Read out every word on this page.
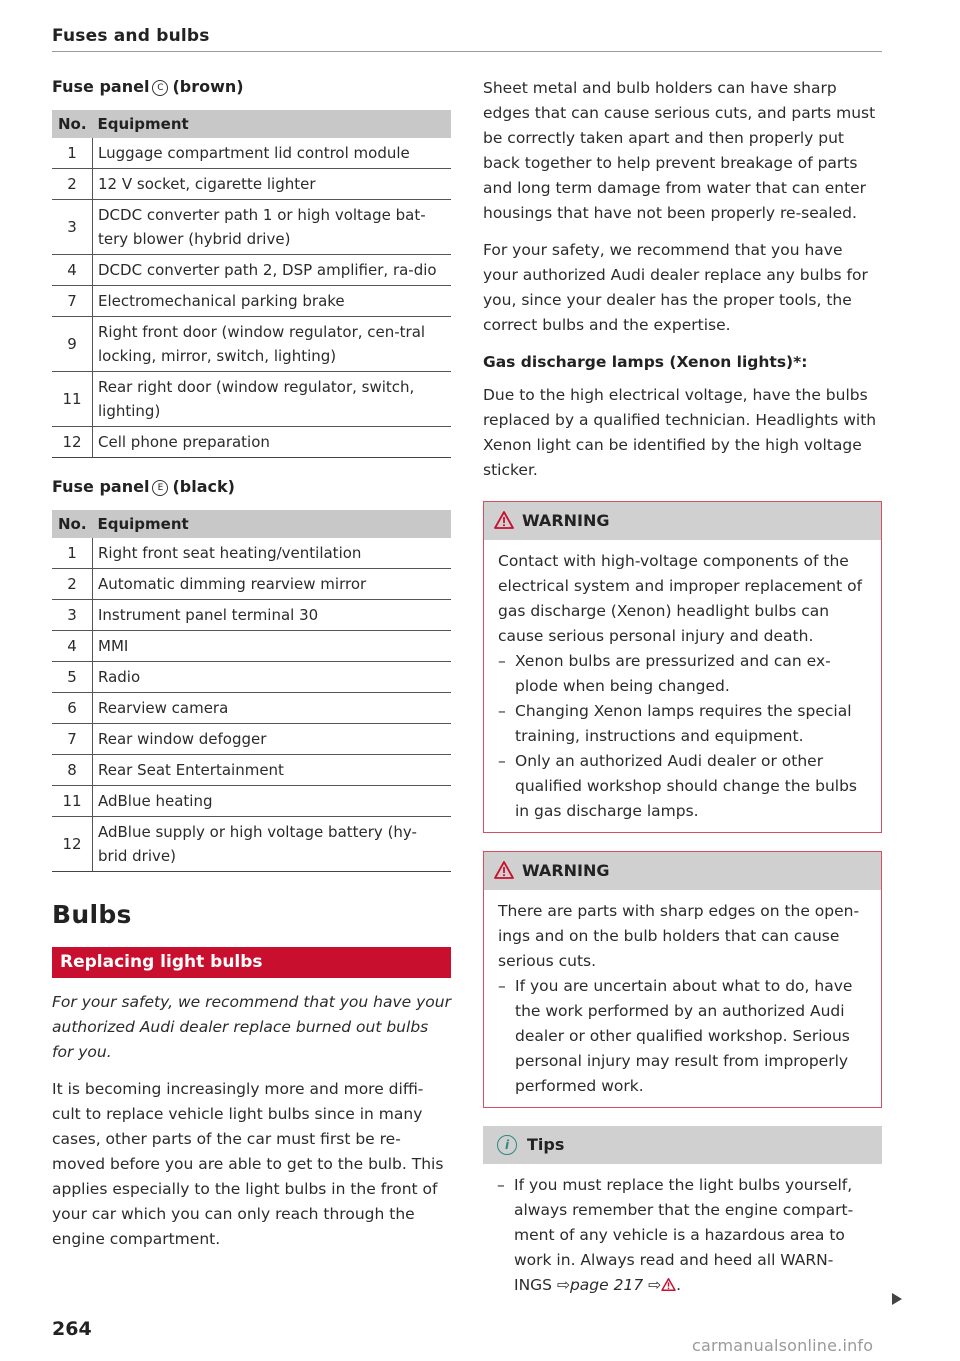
Fuses and bulbs
Fuse panel C (brown)
No.	Equipment
1	Luggage compartment lid control module
2	12 V socket, cigarette lighter
3	DCDC converter path 1 or high voltage bat-tery blower (hybrid drive)
4	DCDC converter path 2, DSP amplifier, ra-dio
7	Electromechanical parking brake
9	Right front door (window regulator, cen-tral locking, mirror, switch, lighting)
11	Rear right door (window regulator, switch, lighting)
12	Cell phone preparation
Fuse panel E (black)
No.	Equipment
1	Right front seat heating/ventilation
2	Automatic dimming rearview mirror
3	Instrument panel terminal 30
4	MMI
5	Radio
6	Rearview camera
7	Rear window defogger
8	Rear Seat Entertainment
11	AdBlue heating
12	AdBlue supply or high voltage battery (hy-brid drive)
Bulbs
Replacing light bulbs

For your safety, we recommend that you have your authorized Audi dealer replace burned out bulbs for you.

It is becoming increasingly more and more diffi-cult to replace vehicle light bulbs since in many cases, other parts of the car must first be re-moved before you are able to get to the bulb. This applies especially to the light bulbs in the front of your car which you can only reach through the engine compartment.

Sheet metal and bulb holders can have sharp edges that can cause serious cuts, and parts must be correctly taken apart and then properly put back together to help prevent breakage of parts and long term damage from water that can enter housings that have not been properly re-sealed.

For your safety, we recommend that you have your authorized Audi dealer replace any bulbs for you, since your dealer has the proper tools, the correct bulbs and the expertise.

Gas discharge lamps (Xenon lights)*:

Due to the high electrical voltage, have the bulbs replaced by a qualified technician. Headlights with Xenon light can be identified by the high voltage sticker.

WARNING

Contact with high-voltage components of the electrical system and improper replacement of gas discharge (Xenon) headlight bulbs can cause serious personal injury and death.

– Xenon bulbs are pressurized and can ex-plode when being changed.
– Changing Xenon lamps requires the special training, instructions and equipment.
– Only an authorized Audi dealer or other qualified workshop should change the bulbs in gas discharge lamps.
WARNING

There are parts with sharp edges on the open-ings and on the bulb holders that can cause serious cuts.

– If you are uncertain about what to do, have the work performed by an authorized Audi dealer or other qualified workshop. Serious personal injury may result from improperly performed work.
i Tips
– If you must replace the light bulbs yourself, always remember that the engine compart-ment of any vehicle is a hazardous area to work in. Always read and heed all WARN-INGS ⇨page 217 ⇨ .
264
carmanualsonline.info
